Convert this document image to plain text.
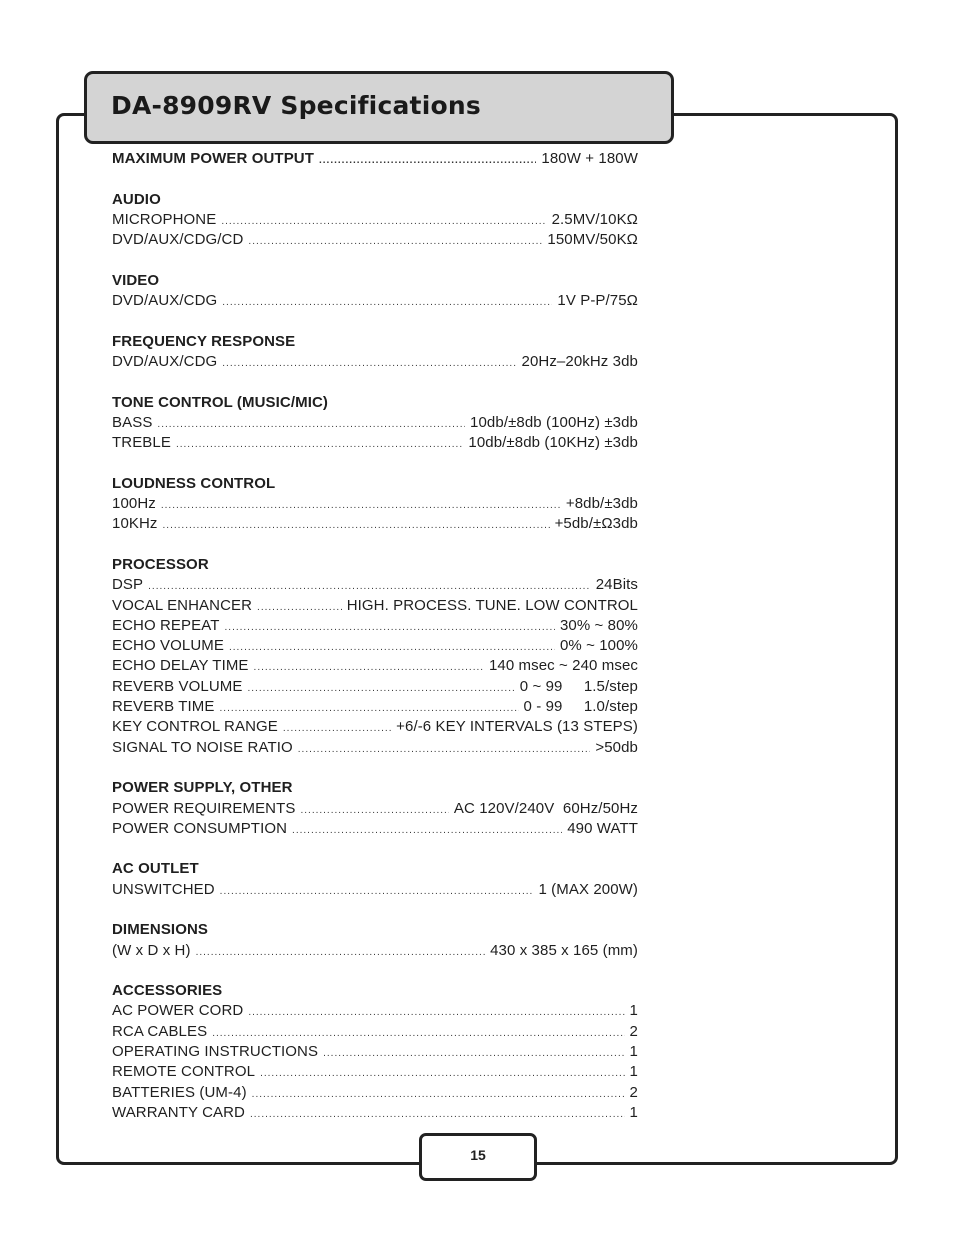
DA-8909RV Specifications
MAXIMUM POWER OUTPUT .....	180W + 180W
AUDIO
MICROPHONE .....	2.5MV/10KΩ
DVD/AUX/CDG/CD .....	150MV/50KΩ
VIDEO
DVD/AUX/CDG .....	1V P-P/75Ω
FREQUENCY RESPONSE
DVD/AUX/CDG .....	20Hz–20kHz 3db
TONE CONTROL (MUSIC/MIC)
BASS .....	10db/±8db (100Hz) ±3db
TREBLE .....	10db/±8db (10KHz) ±3db
LOUDNESS CONTROL
100Hz .....	+8db/±3db
10KHz .....	+5db/±Ω3db
PROCESSOR
DSP .....	24Bits
VOCAL ENHANCER .....	HIGH. PROCESS. TUNE. LOW CONTROL
ECHO REPEAT .....	30% ~ 80%
ECHO VOLUME .....	0% ~ 100%
ECHO DELAY TIME .....	140 msec ~ 240 msec
REVERB VOLUME .....	0 ~ 99     1.5/step
REVERB TIME .....	0 - 99     1.0/step
KEY CONTROL RANGE .....	+6/-6 KEY INTERVALS (13 STEPS)
SIGNAL TO NOISE RATIO .....	>50db
POWER SUPPLY, OTHER
POWER REQUIREMENTS .....	AC 120V/240V  60Hz/50Hz
POWER CONSUMPTION .....	490 WATT
AC OUTLET
UNSWITCHED .....	1 (MAX 200W)
DIMENSIONS
(W x D x H) .....	430 x 385 x 165 (mm)
ACCESSORIES
AC POWER CORD .....	1
RCA CABLES .....	2
OPERATING INSTRUCTIONS .....	1
REMOTE CONTROL .....	1
BATTERIES (UM-4) .....	2
WARRANTY CARD .....	1
15
